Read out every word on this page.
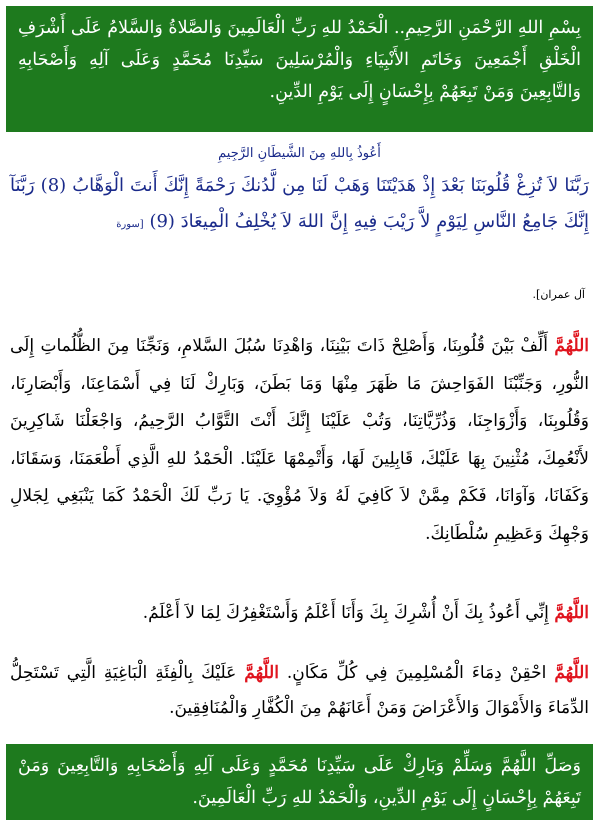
بِسْمِ اللهِ الرَّحْمَنِ الرَّحِيمِ.. الْحَمْدُ للهِ رَبِّ الْعَالَمِينَ وَالصَّلاةُ وَالسَّلامُ عَلَى أَشْرَفِ الْخَلْقِ أَجْمَعِينَ وَخَاتَمِ الأَنْبِيَاءِ وَالْمُرْسَلِينَ سَيِّدِنَا مُحَمَّدٍ وَعَلَى آلِهِ وَأَصْحَابِهِ وَالتَّابِعِينَ وَمَنْ تَبِعَهُمْ بِإِحْسَانٍ إِلَى يَوْمِ الدِّينِ.
أَعُوذُ بِاللهِ مِنَ الشَّيطَانِ الرَّجِيمِ
رَبَّنَا لاَ تُزِغْ قُلُوبَنَا بَعْدَ إِذْ هَدَيْتَنَا وَهَبْ لَنَا مِن لَّدُنكَ رَحْمَةً إِنَّكَ أَنتَ الْوَهَّابُ (8) رَبَّنَآ إِنَّكَ جَامِعُ النَّاسِ لِيَوْمٍ لاَّ رَيْبَ فِيهِ إِنَّ اللهَ لاَ يُخْلِفُ الْمِيعَادَ (9) [سورة
آل عمران].
اللَّهُمَّ أَلِّفْ بَيْنَ قُلُوبِنَا، وَأَصْلِحْ ذَاتَ بَيْنِنَا، وَاهْدِنَا سُبُلَ السَّلامِ، وَنَجِّنَا مِنَ الظُّلُماتِ إِلَى النُّورِ، وَجَنِّبْنَا الفَوَاحِشَ مَا ظَهَرَ مِنْهَا وَمَا بَطَنَ، وَبَارِكْ لَنَا فِي أَسْمَاعِنَا، وَأَبْصَارِنَا، وَقُلُوبِنَا، وَأَزْوَاجِنَا، وَذُرِّيَّاتِنَا، وَتُبْ عَلَيْنَا إِنَّكَ أَنْتَ التَّوَّابُ الرَّحِيمُ، وَاجْعَلْنَا شَاكِرِينَ لأَنْعُمِكَ، مُثْنِينَ بِهَا عَلَيْكَ، قَابِلِينَ لَهَا، وَأَتْمِمْهَا عَلَيْنَا. الْحَمْدُ للهِ الَّذِي أَطْعَمَنَا، وَسَقَانَا، وَكَفَانَا، وَآوَانَا، فَكَمْ مِمَّنْ لاَ كَافِيَ لَهُ وَلاَ مُؤْوِيَ. يَا رَبِّ لَكَ الْحَمْدُ كَمَا يَنْبَغِي لِجَلالِ وَجْهِكَ وَعَظِيمِ سُلْطَانِكَ.
اللَّهُمَّ إِنِّي أَعُوذُ بِكَ أَنْ أُشْرِكَ بِكَ وَأَنَا أَعْلَمُ وَأَسْتَغْفِرُكَ لِمَا لاَ أَعْلَمُ.
اللَّهُمَّ احْقِنْ دِمَاءَ الْمُسْلِمِينَ فِي كُلِّ مَكَانٍ. اللَّهُمَّ عَلَيْكَ بِالْفِئَةِ الْبَاغِيَةِ الَّتِي تَسْتَحِلُّ الدِّمَاءَ وَالأَمْوَالَ وَالأَعْرَاضَ وَمَنْ أَعَانَهُمْ مِنَ الْكُفَّارِ وَالْمُنَافِقِينَ.
وَصَلِّ اللَّهُمَّ وَسَلِّمْ وَبَارِكْ عَلَى سَيِّدِنَا مُحَمَّدٍ وَعَلَى آلِهِ وَأَصْحَابِهِ وَالتَّابِعِينَ وَمَنْ تَبِعَهُمْ بِإِحْسَانٍ إِلَى يَوْمِ الدِّينِ، وَالْحَمْدُ للهِ رَبِّ الْعَالَمِينَ.
